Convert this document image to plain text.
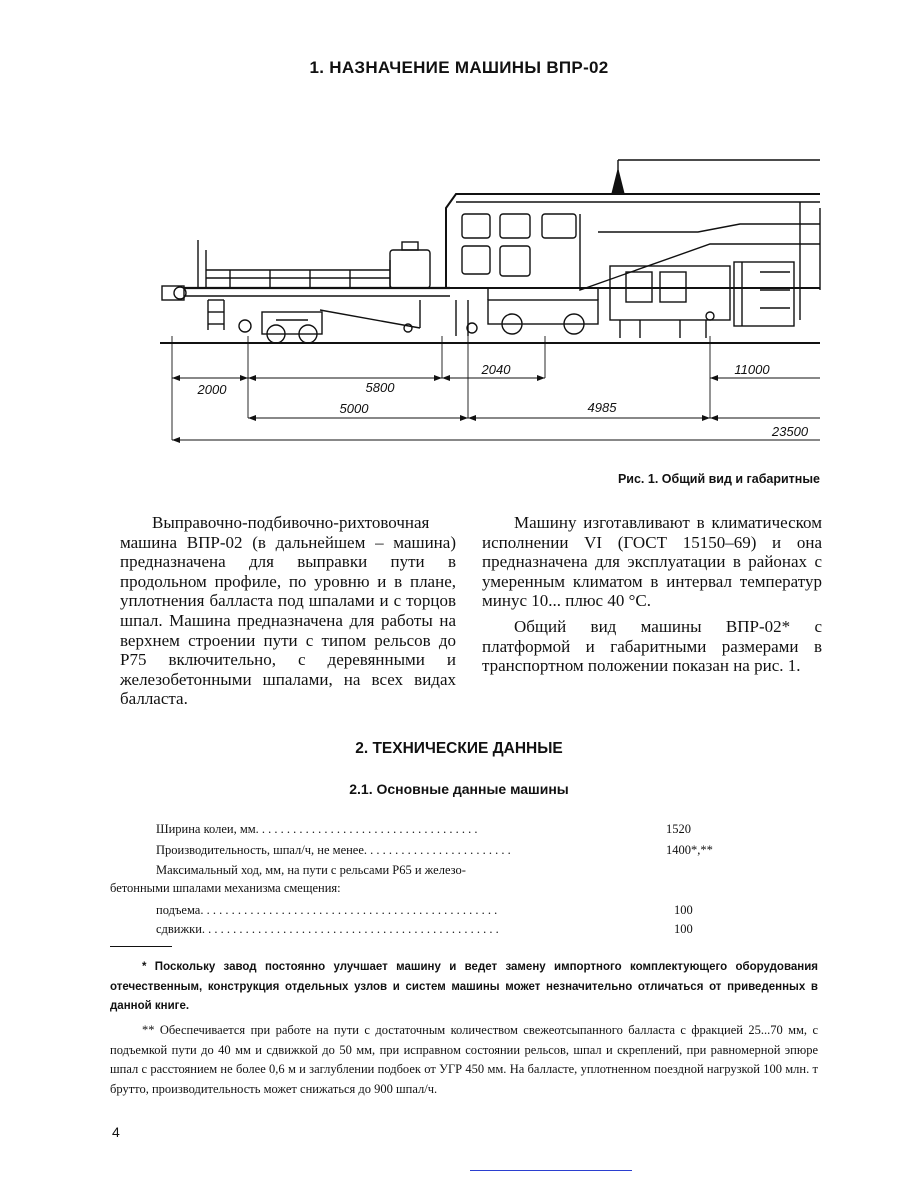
1. НАЗНАЧЕНИЕ МАШИНЫ ВПР-02
2000	5800
5000
2040	11000
4985
23500
Рис. 1. Общий вид и габаритные

Выправочно-подбивочно-рихтовочная машина ВПР-02 (в дальнейшем – машина) предназначена для выправки пути в продольном профиле, по уровню и в плане, уплотнения балласта под шпалами и с торцов шпал. Машина предназначена для работы на верхнем строении пути с типом рельсов до Р75 включительно, с деревянными и железобетонными шпалами, на всех видах балласта.

Машину изготавливают в климатическом исполнении VI (ГОСТ 15150–69) и она предназначена для эксплуатации в районах с умеренным климатом в интервал температур минус 10... плюс 40 °С.

Общий вид машины ВПР-02* с платформой и габаритными размерами в транспортном положении показан на рис. 1.

2. ТЕХНИЧЕСКИЕ ДАННЫЕ
2.1. Основные данные машины
Ширина колеи, мм. . . . . . . . . . . . . . . . . . . . . . . . . . . . . . . . . . . .	1520
Производительность, шпал/ч, не менее. . . . . . . . . . . . . . . . . . . . . . . .	1400*,**
Максимальный ход, мм, на пути с рельсами Р65 и железо-
бетонными шпалами механизма смещения:
подъема. . . . . . . . . . . . . . . . . . . . . . . . . . . . . . . . . . . . . . . . . . . . . . . .	100
сдвижки. . . . . . . . . . . . . . . . . . . . . . . . . . . . . . . . . . . . . . . . . . . . . . . .	100
* Поскольку завод постоянно улучшает машину и ведет замену импортного комплектующего оборудования отечественным, конструкция отдельных узлов и систем машины может незначительно отличаться от приведенных в данной книге.
** Обеспечивается при работе на пути с достаточным количеством свежеотсыпанного балласта с фракцией 25...70 мм, с подъемкой пути до 40 мм и сдвижкой до 50 мм, при исправном состоянии рельсов, шпал и скреплений, при равномерной эпюре шпал с расстоянием не более 0,6 м и заглублении подбоек от УГР 450 мм. На балласте, уплотненном поездной нагрузкой 100 млн. т брутто, производительность может снижаться до 900 шпал/ч.
4
